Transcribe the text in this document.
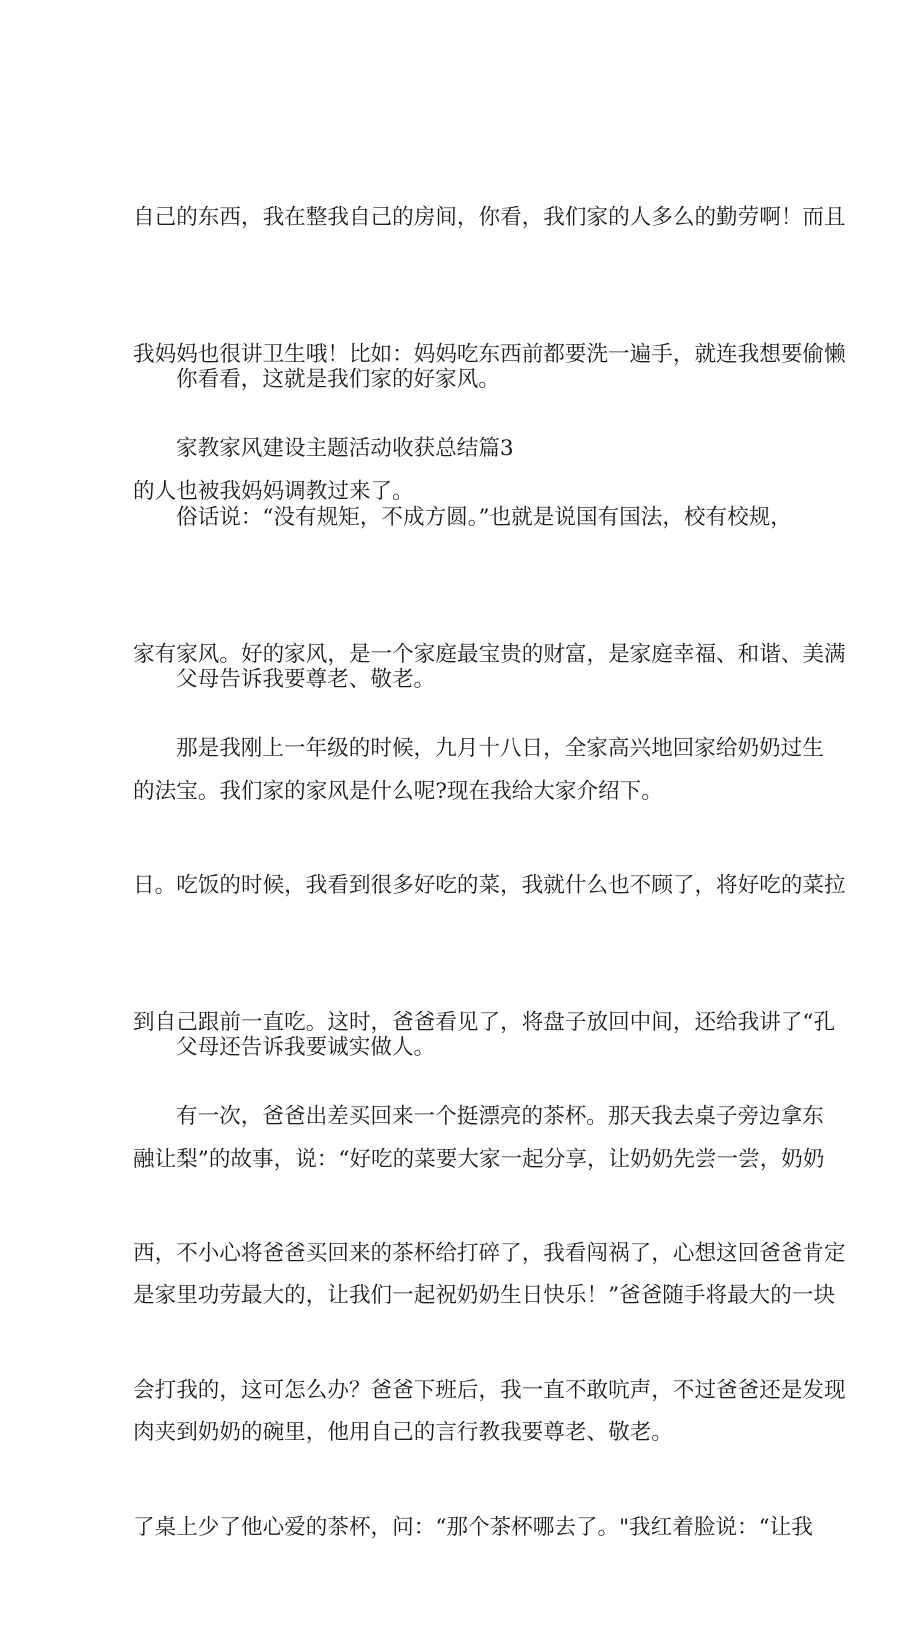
自己的东西，我在整我自己的房间，你看，我们家的人多么的勤劳啊！而且

我妈妈也很讲卫生哦！比如：妈妈吃东西前都要洗一遍手，就连我想要偷懒

的人也被我妈妈调教过来了。

你看看，这就是我们家的好家风。

家教家风建设主题活动收获总结篇3

俗话说：“没有规矩，不成方圆。”也就是说国有国法，校有校规，

家有家风。好的家风，是一个家庭最宝贵的财富，是家庭幸福、和谐、美满

的法宝。我们家的家风是什么呢?现在我给大家介绍下。

父母告诉我要尊老、敬老。

那是我刚上一年级的时候，九月十八日，全家高兴地回家给奶奶过生

日。吃饭的时候，我看到很多好吃的菜，我就什么也不顾了，将好吃的菜拉

到自己跟前一直吃。这时，爸爸看见了，将盘子放回中间，还给我讲了“孔

融让梨”的故事，说：“好吃的菜要大家一起分享，让奶奶先尝一尝，奶奶

是家里功劳最大的，让我们一起祝奶奶生日快乐！”爸爸随手将最大的一块

肉夹到奶奶的碗里，他用自己的言行教我要尊老、敬老。

父母还告诉我要诚实做人。

有一次，爸爸出差买回来一个挺漂亮的茶杯。那天我去桌子旁边拿东

西，不小心将爸爸买回来的茶杯给打碎了，我看闯祸了，心想这回爸爸肯定

会打我的，这可怎么办？爸爸下班后，我一直不敢吭声，不过爸爸还是发现

了桌上少了他心爱的茶杯，问：“那个茶杯哪去了。"我红着脸说：“让我
